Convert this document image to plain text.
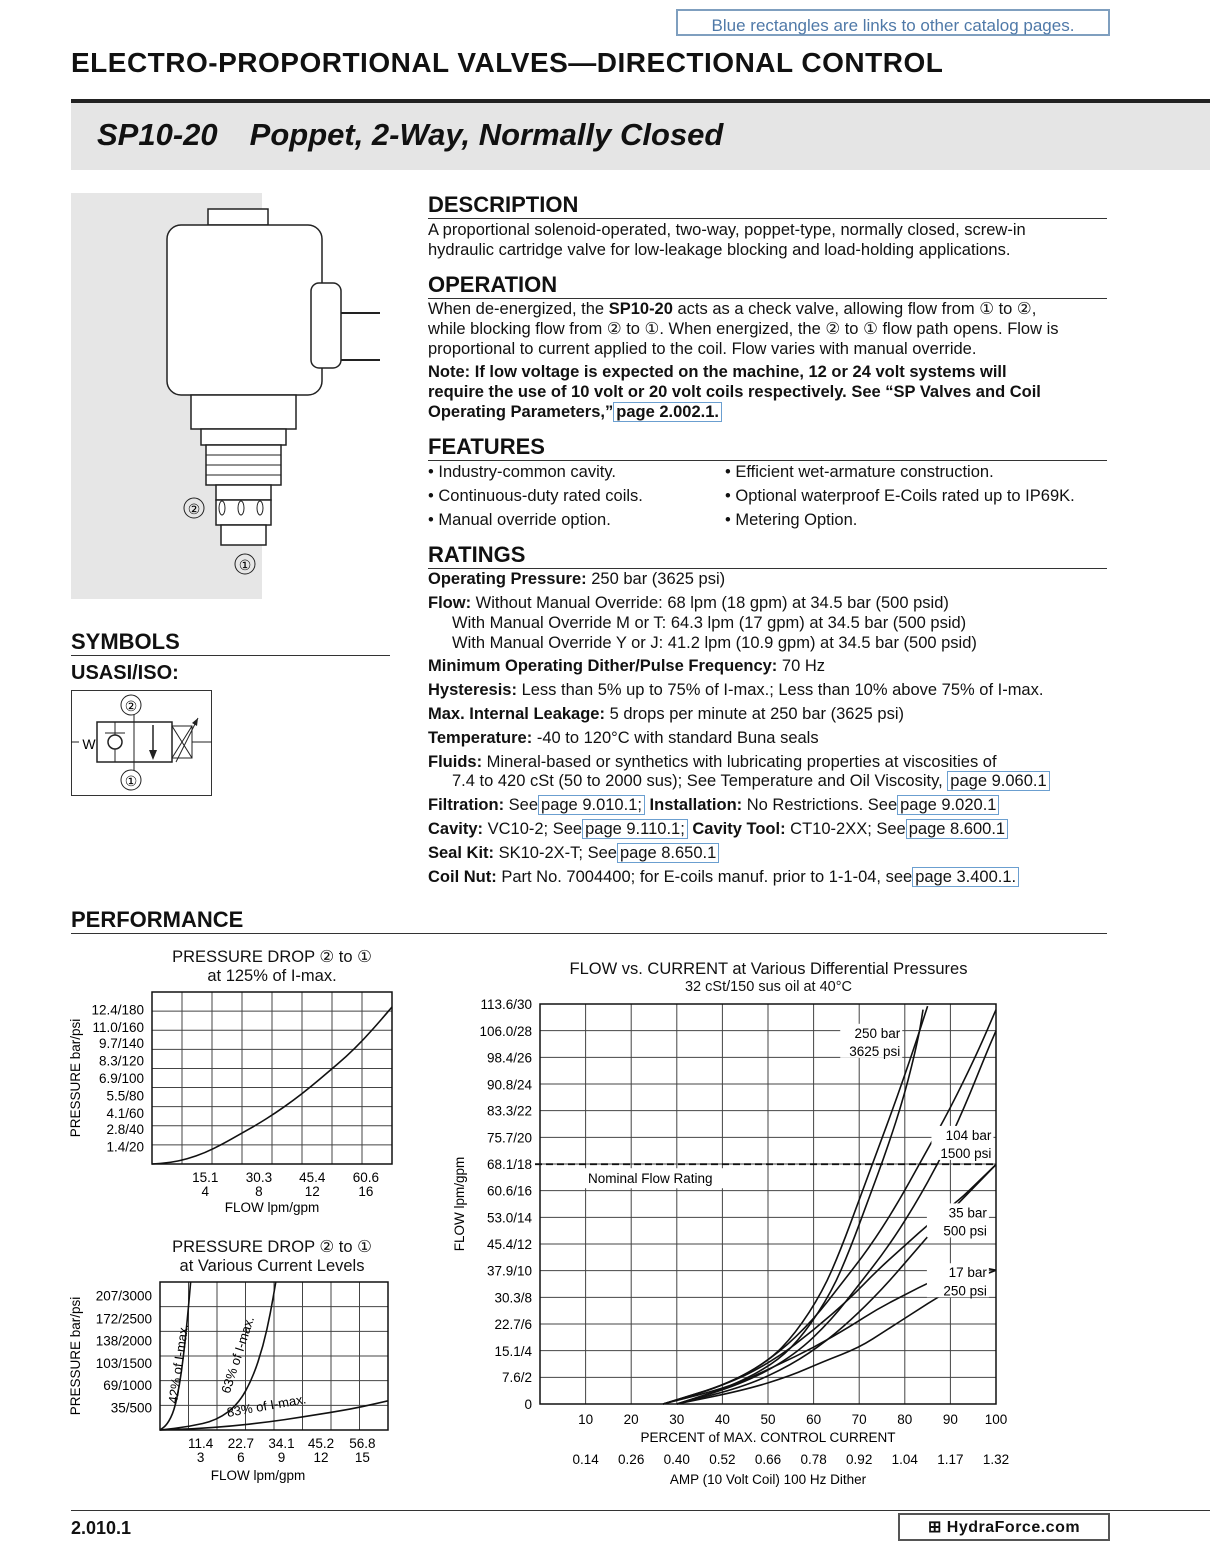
Blue rectangles are links to other catalog pages.
ELECTRO-PROPORTIONAL VALVES—DIRECTIONAL CONTROL
SP10-20 Poppet, 2-Way, Normally Closed
②
①
SYMBOLS
USASI/ISO:
②
①
W
DESCRIPTION
A proportional solenoid-operated, two-way, poppet-type, normally closed, screw-in
hydraulic cartridge valve for low-leakage blocking and load-holding applications.
OPERATION
When de-energized, the SP10-20 acts as a check valve, allowing flow from ① to ②,
while blocking flow from ② to ①. When energized, the ② to ① flow path opens. Flow is
proportional to current applied to the coil. Flow varies with manual override.
Note: If low voltage is expected on the machine, 12 or 24 volt systems will
require the use of 10 volt or 20 volt coils respectively. See “SP Valves and Coil
Operating Parameters,” page 2.002.1.
FEATURES
• Industry-common cavity.
• Continuous-duty rated coils.
• Manual override option.
• Efficient wet-armature construction.
• Optional waterproof E-Coils rated up to IP69K.
• Metering Option.
RATINGS
Operating Pressure: 250 bar (3625 psi)
Flow: Without Manual Override: 68 lpm (18 gpm) at 34.5 bar (500 psid)
With Manual Override M or T: 64.3 lpm (17 gpm) at 34.5 bar (500 psid)
With Manual Override Y or J: 41.2 lpm (10.9 gpm) at 34.5 bar (500 psid)
Minimum Operating Dither/Pulse Frequency: 70 Hz
Hysteresis: Less than 5% up to 75% of I-max.; Less than 10% above 75% of I-max.
Max. Internal Leakage: 5 drops per minute at 250 bar (3625 psi)
Temperature: -40 to 120°C with standard Buna seals
Fluids: Mineral-based or synthetics with lubricating properties at viscosities of
7.4 to 420 cSt (50 to 2000 sus); See Temperature and Oil Viscosity, page 9.060.1
Filtration: See page 9.010.1; Installation: No Restrictions. See page 9.020.1
Cavity: VC10-2; See page 9.110.1; Cavity Tool: CT10-2XX; See page 8.600.1
Seal Kit: SK10-2X-T; See page 8.650.1
Coil Nut: Part No. 7004400; for E-coils manuf. prior to 1-1-04, see page 3.400.1.
PERFORMANCE
PRESSURE DROP ② to ①
at 125% of I-max.
1.4/20
2.8/40
4.1/60
5.5/80
6.9/100
8.3/120
9.7/140
11.0/160
12.4/180
15.1
4
30.3
8
45.4
12
60.6
16
FLOW lpm/gpm
PRESSURE bar/psi
PRESSURE DROP ② to ①
at Various Current Levels
35/500
69/1000
103/1500
138/2000
172/2500
207/3000
11.4
3
22.7
6
34.1
9
45.2
12
56.8
15
FLOW lpm/gpm
PRESSURE bar/psi	42% of I-max. 63% of I-max.
83% of I-max.
FLOW vs. CURRENT at Various Differential Pressures
32 cSt/150 sus oil at 40°C
0
7.6/2
15.1/4
22.7/6
30.3/8
37.9/10
45.4/12
53.0/14
60.6/16
68.1/18
75.7/20
83.3/22
90.8/24
98.4/26
106.0/28
113.6/30
10
0.14
20
0.26
30
0.40
40
0.52
50
0.66
60
0.78
70
0.92
80
1.04
90
1.17
100
1.32
PERCENT of MAX. CONTROL CURRENT
AMP (10 Volt Coil) 100 Hz Dither
FLOW lpm/gpm	Nominal Flow Rating
250 bar
3625 psi
104 bar
1500 psi
35 bar
500 psi
17 bar
250 psi
2.010.1	⊞ HydraForce.com
